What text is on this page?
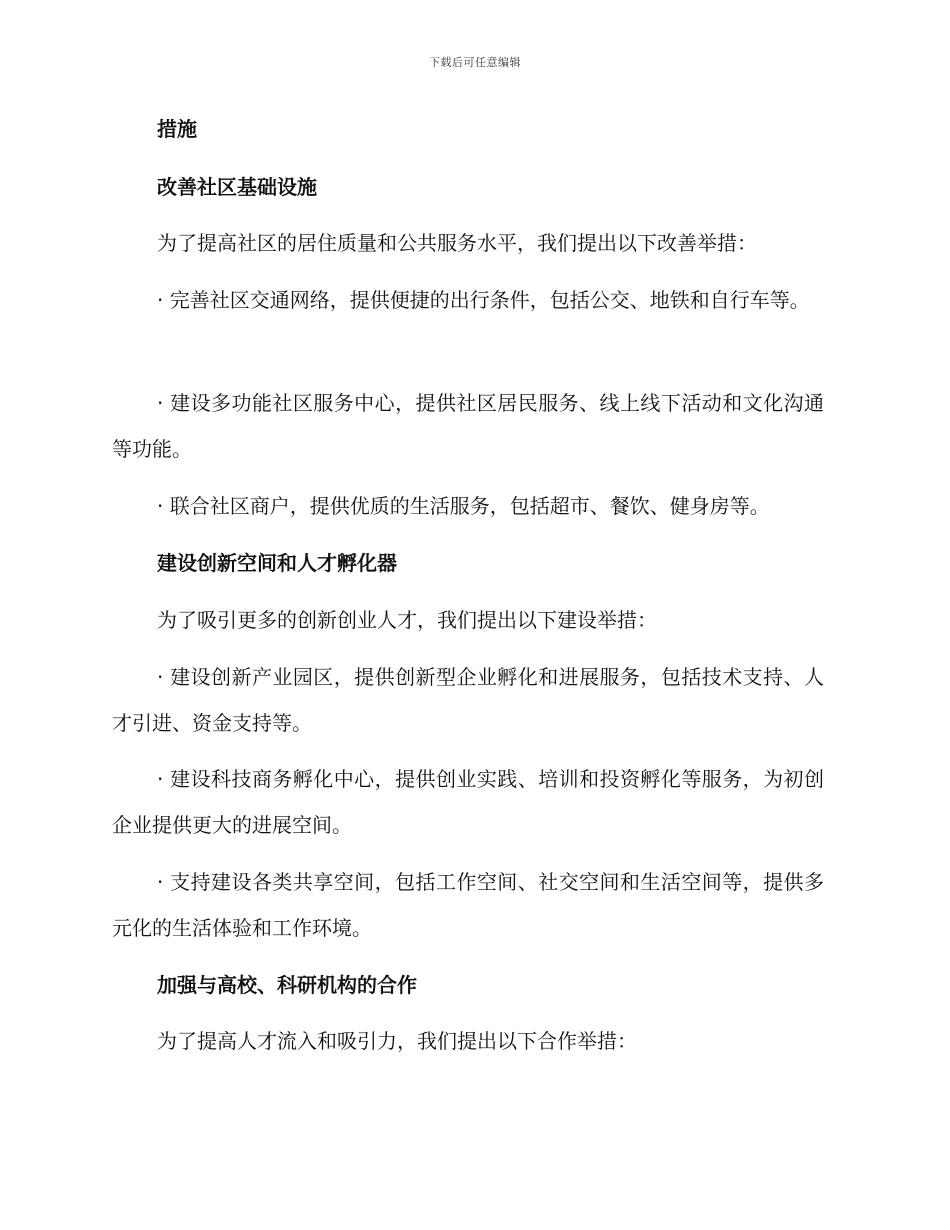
下载后可任意编辑
措施
改善社区基础设施
为了提高社区的居住质量和公共服务水平，我们提出以下改善举措：
· 完善社区交通网络，提供便捷的出行条件，包括公交、地铁和自行车等。
· 建设多功能社区服务中心，提供社区居民服务、线上线下活动和文化沟通等功能。
· 联合社区商户，提供优质的生活服务，包括超市、餐饮、健身房等。
建设创新空间和人才孵化器
为了吸引更多的创新创业人才，我们提出以下建设举措：
· 建设创新产业园区，提供创新型企业孵化和进展服务，包括技术支持、人才引进、资金支持等。
· 建设科技商务孵化中心，提供创业实践、培训和投资孵化等服务，为初创企业提供更大的进展空间。
· 支持建设各类共享空间，包括工作空间、社交空间和生活空间等，提供多元化的生活体验和工作环境。
加强与高校、科研机构的合作
为了提高人才流入和吸引力，我们提出以下合作举措：
